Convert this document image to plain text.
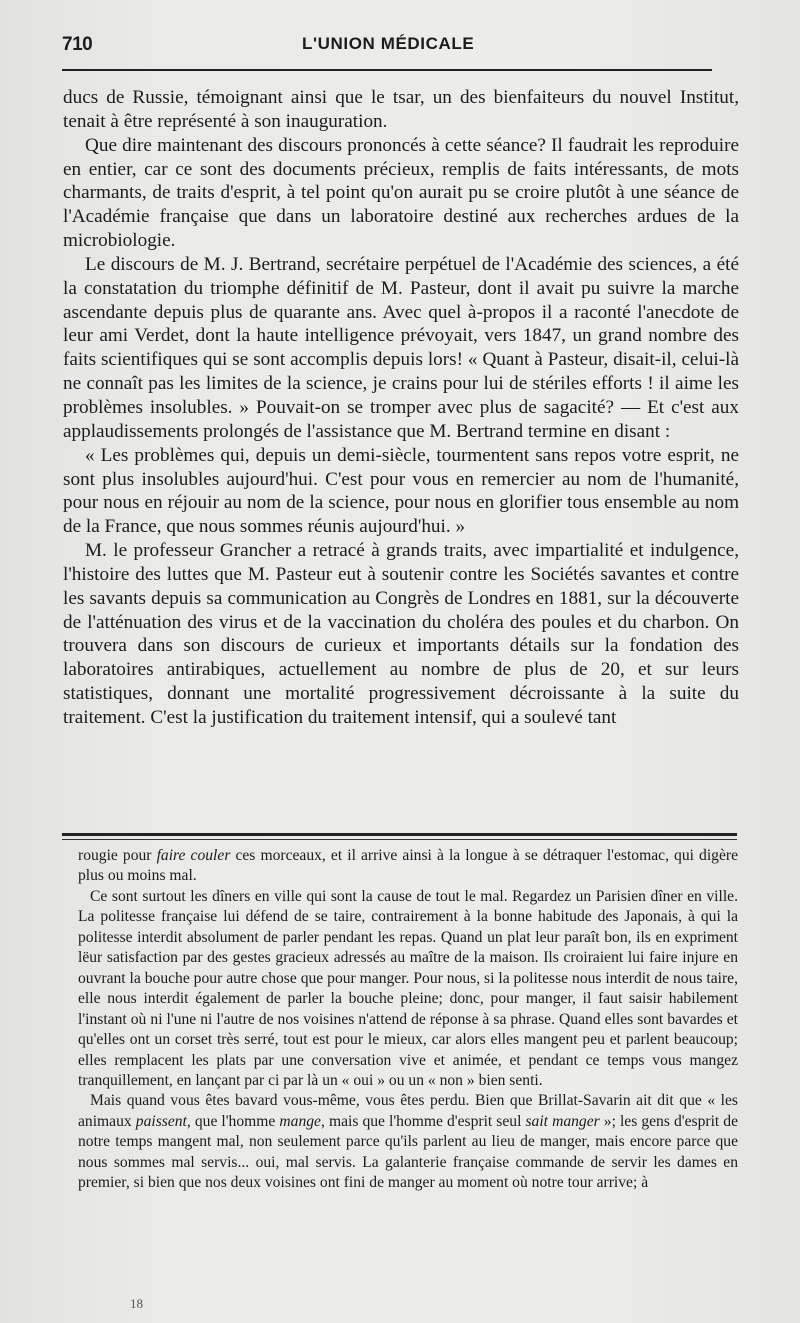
710	L'UNION MÉDICALE

ducs de Russie, témoignant ainsi que le tsar, un des bienfaiteurs du nouvel Institut, tenait à être représenté à son inauguration.

Que dire maintenant des discours prononcés à cette séance? Il faudrait les reproduire en entier, car ce sont des documents précieux, remplis de faits intéressants, de mots charmants, de traits d'esprit, à tel point qu'on aurait pu se croire plutôt à une séance de l'Académie française que dans un laboratoire destiné aux recherches ardues de la microbiologie.

Le discours de M. J. Bertrand, secrétaire perpétuel de l'Académie des sciences, a été la constatation du triomphe définitif de M. Pasteur, dont il avait pu suivre la marche ascendante depuis plus de quarante ans. Avec quel à-propos il a raconté l'anecdote de leur ami Verdet, dont la haute intelligence prévoyait, vers 1847, un grand nombre des faits scientifiques qui se sont accomplis depuis lors! « Quant à Pasteur, disait-il, celui-là ne connaît pas les limites de la science, je crains pour lui de stériles efforts ! il aime les problèmes insolubles. » Pouvait-on se tromper avec plus de sagacité? — Et c'est aux applaudissements prolongés de l'assistance que M. Bertrand termine en disant :

« Les problèmes qui, depuis un demi-siècle, tourmentent sans repos votre esprit, ne sont plus insolubles aujourd'hui. C'est pour vous en remercier au nom de l'humanité, pour nous en réjouir au nom de la science, pour nous en glorifier tous ensemble au nom de la France, que nous sommes réunis aujourd'hui. »

M. le professeur Grancher a retracé à grands traits, avec impartialité et indulgence, l'histoire des luttes que M. Pasteur eut à soutenir contre les Sociétés savantes et contre les savants depuis sa communication au Congrès de Londres en 1881, sur la découverte de l'atténuation des virus et de la vaccination du choléra des poules et du charbon. On trouvera dans son discours de curieux et importants détails sur la fondation des laboratoires antirabiques, actuellement au nombre de plus de 20, et sur leurs statistiques, donnant une mortalité progressivement décroissante à la suite du traitement. C'est la justification du traitement intensif, qui a soulevé tant

rougie pour faire couler ces morceaux, et il arrive ainsi à la longue à se détraquer l'estomac, qui digère plus ou moins mal.

Ce sont surtout les dîners en ville qui sont la cause de tout le mal. Regardez un Parisien dîner en ville. La politesse française lui défend de se taire, contrairement à la bonne habitude des Japonais, à qui la politesse interdit absolument de parler pendant les repas. Quand un plat leur paraît bon, ils en expriment lëur satisfaction par des gestes gracieux adressés au maître de la maison. Ils croiraient lui faire injure en ouvrant la bouche pour autre chose que pour manger. Pour nous, si la politesse nous interdit de nous taire, elle nous interdit également de parler la bouche pleine; donc, pour manger, il faut saisir habilement l'instant où ni l'une ni l'autre de nos voisines n'attend de réponse à sa phrase. Quand elles sont bavardes et qu'elles ont un corset très serré, tout est pour le mieux, car alors elles mangent peu et parlent beaucoup; elles remplacent les plats par une conversation vive et animée, et pendant ce temps vous mangez tranquillement, en lançant par ci par là un « oui » ou un « non » bien senti.

Mais quand vous êtes bavard vous-même, vous êtes perdu. Bien que Brillat-Savarin ait dit que « les animaux paissent, que l'homme mange, mais que l'homme d'esprit seul sait manger »; les gens d'esprit de notre temps mangent mal, non seulement parce qu'ils parlent au lieu de manger, mais encore parce que nous sommes mal servis... oui, mal servis. La galanterie française commande de servir les dames en premier, si bien que nos deux voisines ont fini de manger au moment où notre tour arrive; à

18
